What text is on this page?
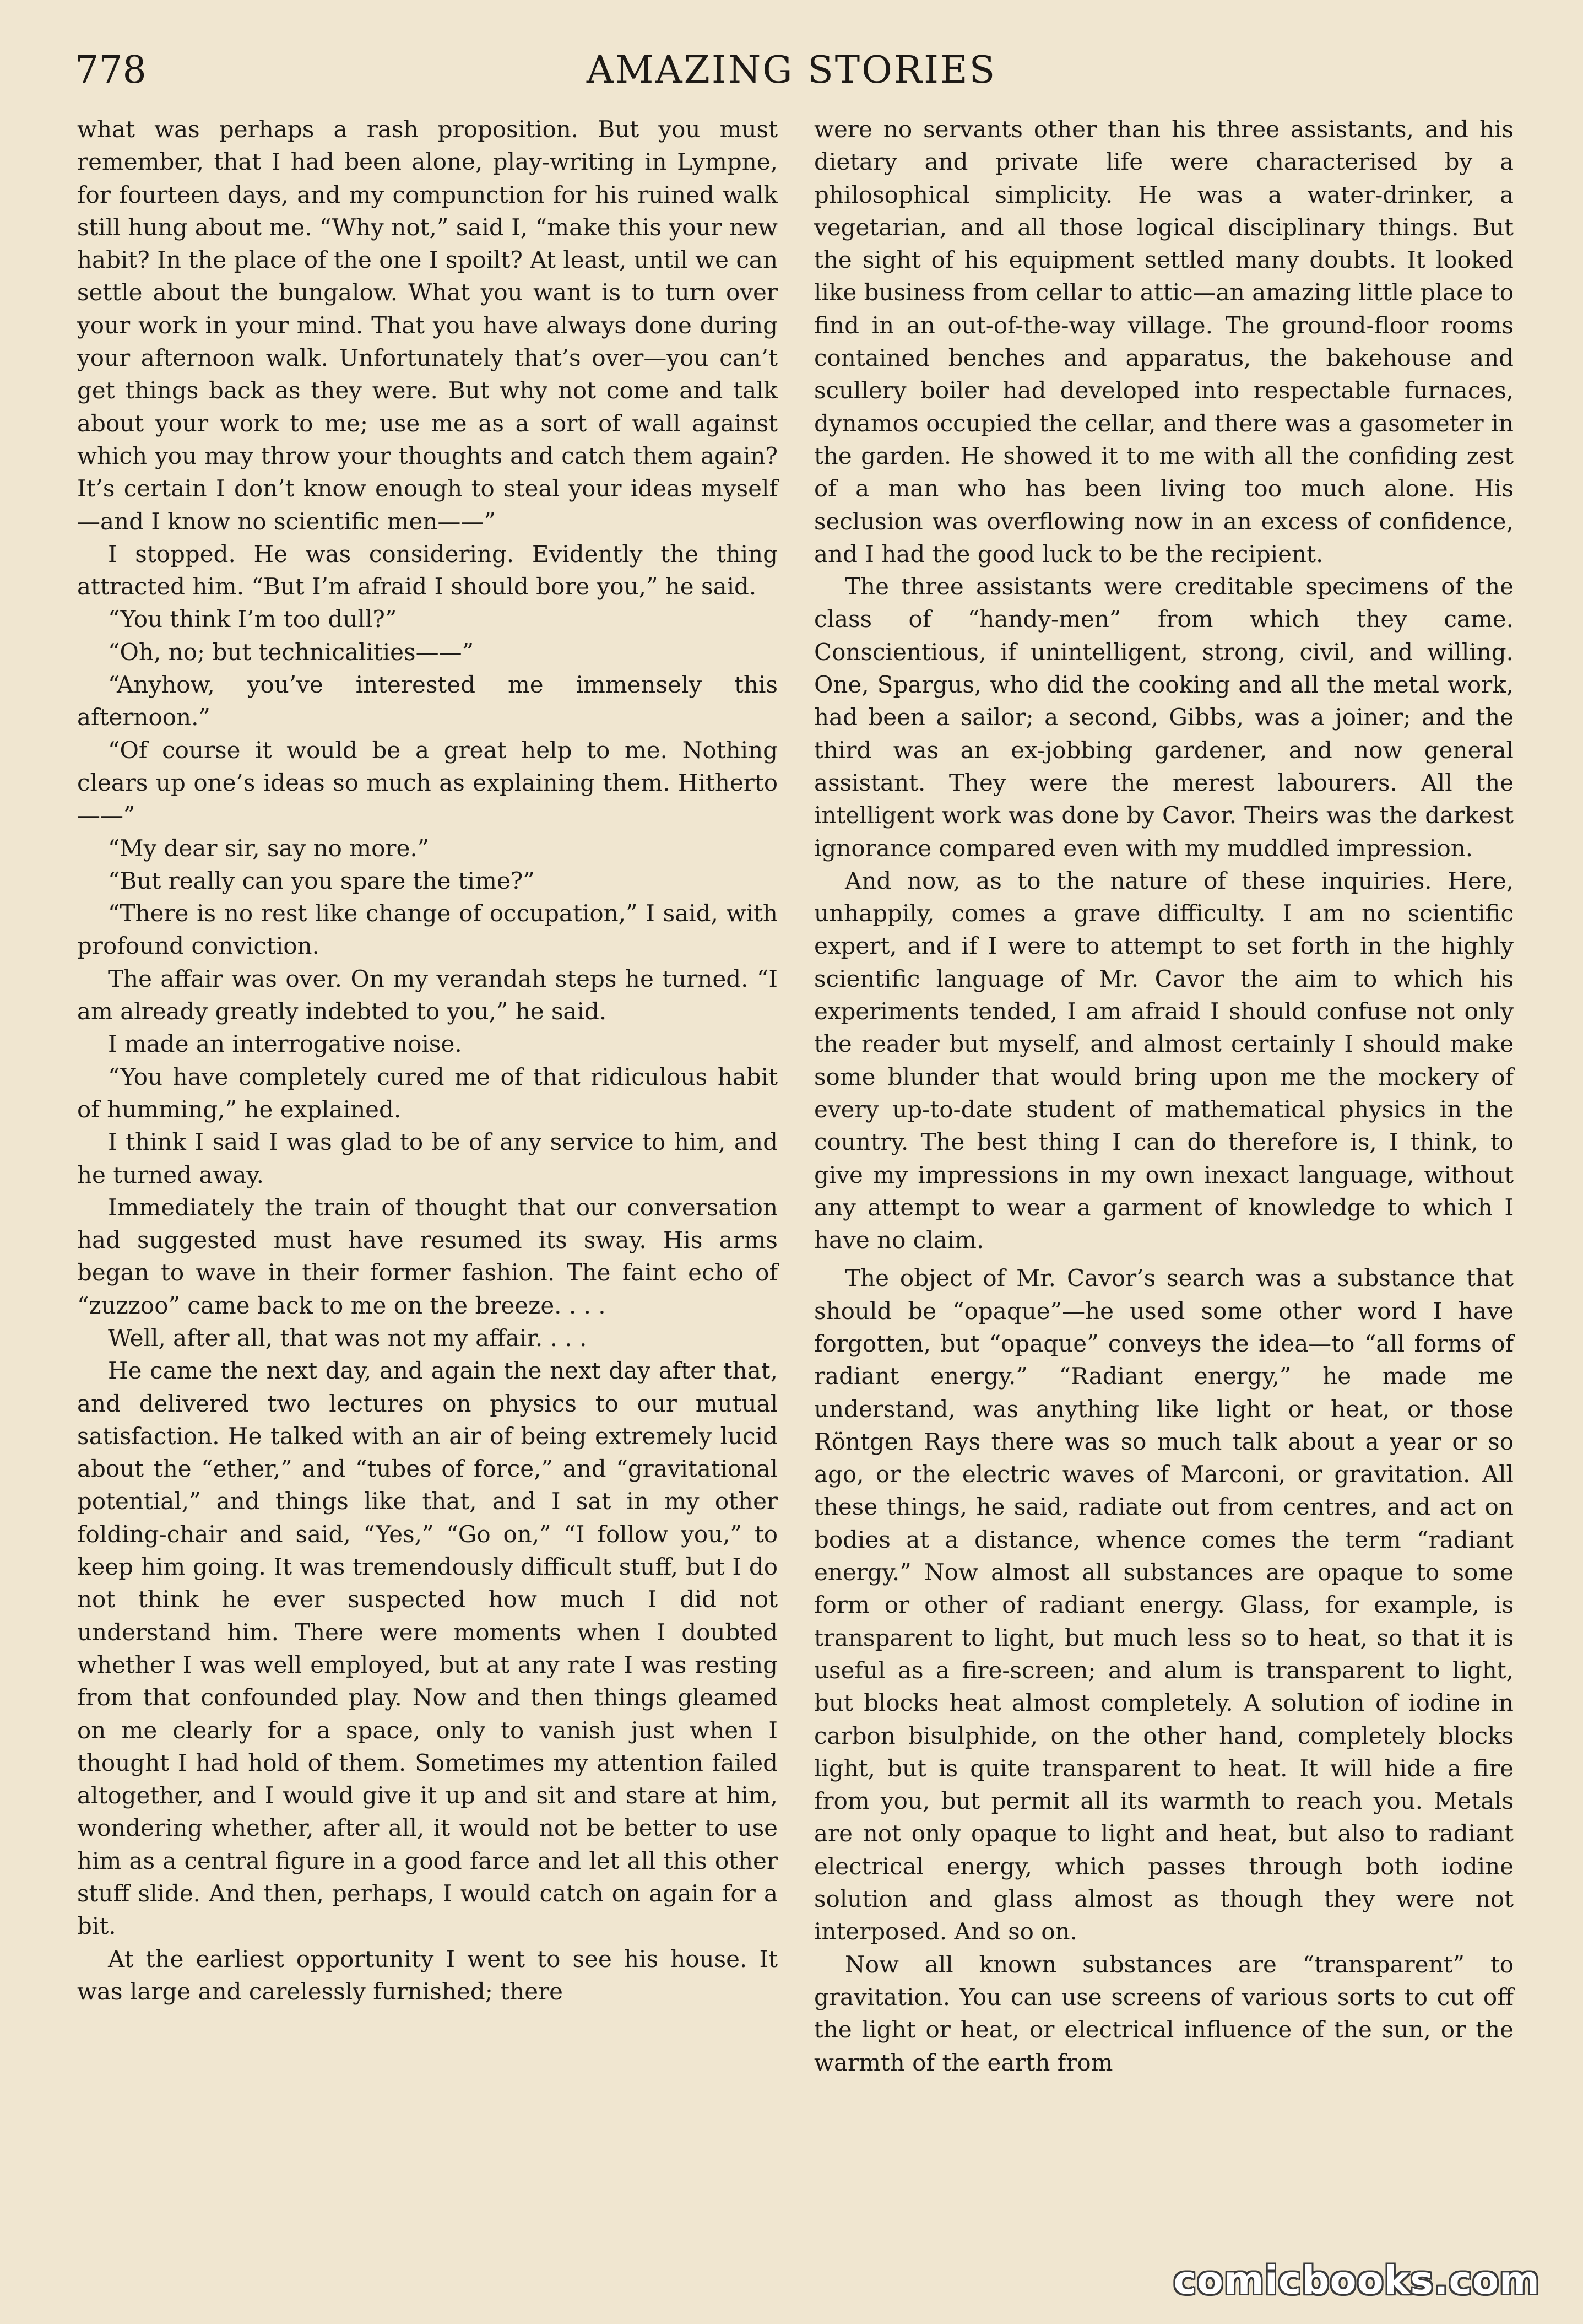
778	AMAZING STORIES

what was perhaps a rash proposition. But you must remember, that I had been alone, play-writing in Lympne, for fourteen days, and my compunction for his ruined walk still hung about me. “Why not,” said I, “make this your new habit? In the place of the one I spoilt? At least, until we can settle about the bungalow. What you want is to turn over your work in your mind. That you have always done during your afternoon walk. Unfortunately that’s over—you can’t get things back as they were. But why not come and talk about your work to me; use me as a sort of wall against which you may throw your thoughts and catch them again? It’s certain I don’t know enough to steal your ideas myself—and I know no scientific men——”

I stopped. He was considering. Evidently the thing attracted him. “But I’m afraid I should bore you,” he said.

“You think I’m too dull?”

“Oh, no; but technicalities——”

“Anyhow, you’ve interested me immensely this afternoon.”

“Of course it would be a great help to me. Nothing clears up one’s ideas so much as explaining them. Hitherto——”

“My dear sir, say no more.”

“But really can you spare the time?”

“There is no rest like change of occupation,” I said, with profound conviction.

The affair was over. On my verandah steps he turned. “I am already greatly indebted to you,” he said.

I made an interrogative noise.

“You have completely cured me of that ridiculous habit of humming,” he explained.

I think I said I was glad to be of any service to him, and he turned away.

Immediately the train of thought that our conversation had suggested must have resumed its sway. His arms began to wave in their former fashion. The faint echo of “zuzzoo” came back to me on the breeze. . . .

Well, after all, that was not my affair. . . .

He came the next day, and again the next day after that, and delivered two lectures on physics to our mutual satisfaction. He talked with an air of being extremely lucid about the “ether,” and “tubes of force,” and “gravitational potential,” and things like that, and I sat in my other folding-chair and said, “Yes,” “Go on,” “I follow you,” to keep him going. It was tremendously difficult stuff, but I do not think he ever suspected how much I did not understand him. There were moments when I doubted whether I was well employed, but at any rate I was resting from that confounded play. Now and then things gleamed on me clearly for a space, only to vanish just when I thought I had hold of them. Sometimes my attention failed altogether, and I would give it up and sit and stare at him, wondering whether, after all, it would not be better to use him as a central figure in a good farce and let all this other stuff slide. And then, perhaps, I would catch on again for a bit.

At the earliest opportunity I went to see his house. It was large and carelessly furnished; there

were no servants other than his three assistants, and his dietary and private life were characterised by a philosophical simplicity. He was a water-drinker, a vegetarian, and all those logical disciplinary things. But the sight of his equipment settled many doubts. It looked like business from cellar to attic—an amazing little place to find in an out-of-the-way village. The ground-floor rooms contained benches and apparatus, the bakehouse and scullery boiler had developed into respectable furnaces, dynamos occupied the cellar, and there was a gasometer in the garden. He showed it to me with all the confiding zest of a man who has been living too much alone. His seclusion was overflowing now in an excess of confidence, and I had the good luck to be the recipient.

The three assistants were creditable specimens of the class of “handy-men” from which they came. Conscientious, if unintelligent, strong, civil, and willing. One, Spargus, who did the cooking and all the metal work, had been a sailor; a second, Gibbs, was a joiner; and the third was an ex-jobbing gardener, and now general assistant. They were the merest labourers. All the intelligent work was done by Cavor. Theirs was the darkest ignorance compared even with my muddled impression.

And now, as to the nature of these inquiries. Here, unhappily, comes a grave difficulty. I am no scientific expert, and if I were to attempt to set forth in the highly scientific language of Mr. Cavor the aim to which his experiments tended, I am afraid I should confuse not only the reader but myself, and almost certainly I should make some blunder that would bring upon me the mockery of every up-to-date student of mathematical physics in the country. The best thing I can do therefore is, I think, to give my impressions in my own inexact language, without any attempt to wear a garment of knowledge to which I have no claim.

The object of Mr. Cavor’s search was a substance that should be “opaque”—he used some other word I have forgotten, but “opaque” conveys the idea—to “all forms of radiant energy.” “Radiant energy,” he made me understand, was anything like light or heat, or those Röntgen Rays there was so much talk about a year or so ago, or the electric waves of Marconi, or gravitation. All these things, he said, radiate out from centres, and act on bodies at a distance, whence comes the term “radiant energy.” Now almost all substances are opaque to some form or other of radiant energy. Glass, for example, is transparent to light, but much less so to heat, so that it is useful as a fire-screen; and alum is transparent to light, but blocks heat almost completely. A solution of iodine in carbon bisulphide, on the other hand, completely blocks light, but is quite transparent to heat. It will hide a fire from you, but permit all its warmth to reach you. Metals are not only opaque to light and heat, but also to radiant electrical energy, which passes through both iodine solution and glass almost as though they were not interposed. And so on.

Now all known substances are “transparent” to gravitation. You can use screens of various sorts to cut off the light or heat, or electrical influence of the sun, or the warmth of the earth from

comicbooks.com
